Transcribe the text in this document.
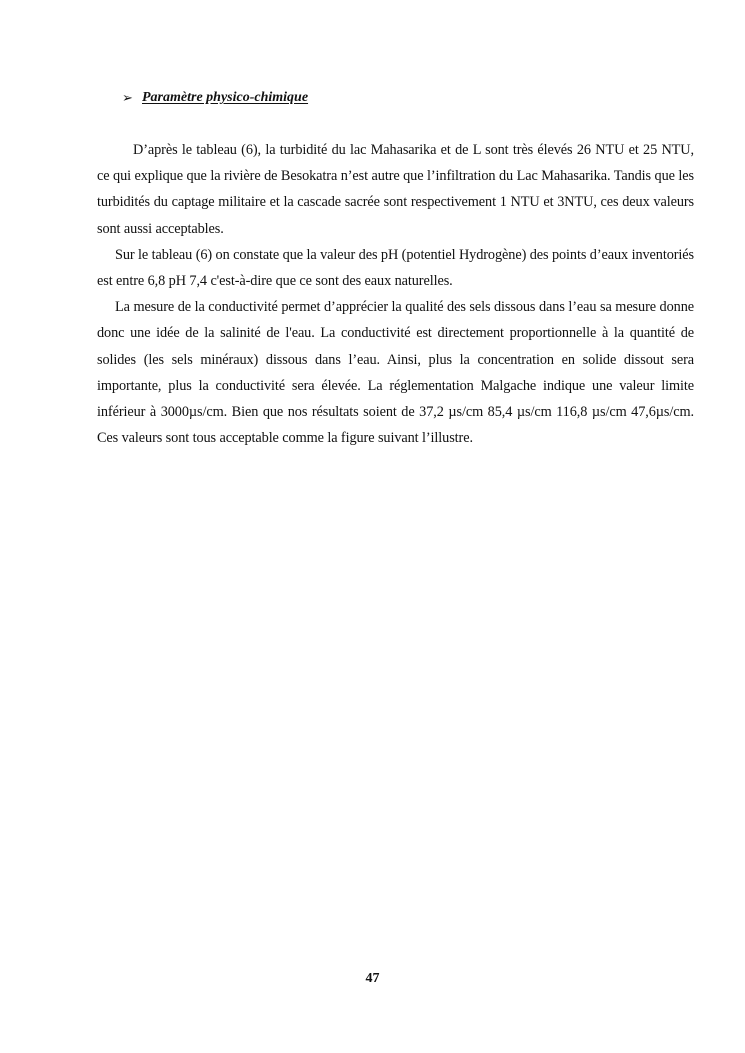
➢ Paramètre physico-chimique

D’après le tableau (6), la turbidité du lac Mahasarika et de L sont très élevés 26 NTU et 25 NTU, ce qui explique que la rivière de Besokatra n’est autre que l’infiltration du Lac Mahasarika. Tandis que les turbidités du captage militaire et la cascade sacrée sont respectivement 1 NTU et 3NTU, ces deux valeurs sont aussi acceptables.

Sur le tableau (6) on constate que la valeur des pH (potentiel Hydrogène) des points d’eaux inventoriés est entre 6,8 pH 7,4 c'est-à-dire que ce sont des eaux naturelles.

La mesure de la conductivité permet d’apprécier la qualité des sels dissous dans l’eau sa mesure donne donc une idée de la salinité de l'eau. La conductivité est directement proportionnelle à la quantité de solides (les sels minéraux) dissous dans l’eau. Ainsi, plus la concentration en solide dissout sera importante, plus la conductivité sera élevée. La réglementation Malgache indique une valeur limite inférieur à 3000µs/cm. Bien que nos résultats soient de 37,2 µs/cm 85,4 µs/cm 116,8 µs/cm 47,6µs/cm. Ces valeurs sont tous acceptable comme la figure suivant l’illustre.

47
